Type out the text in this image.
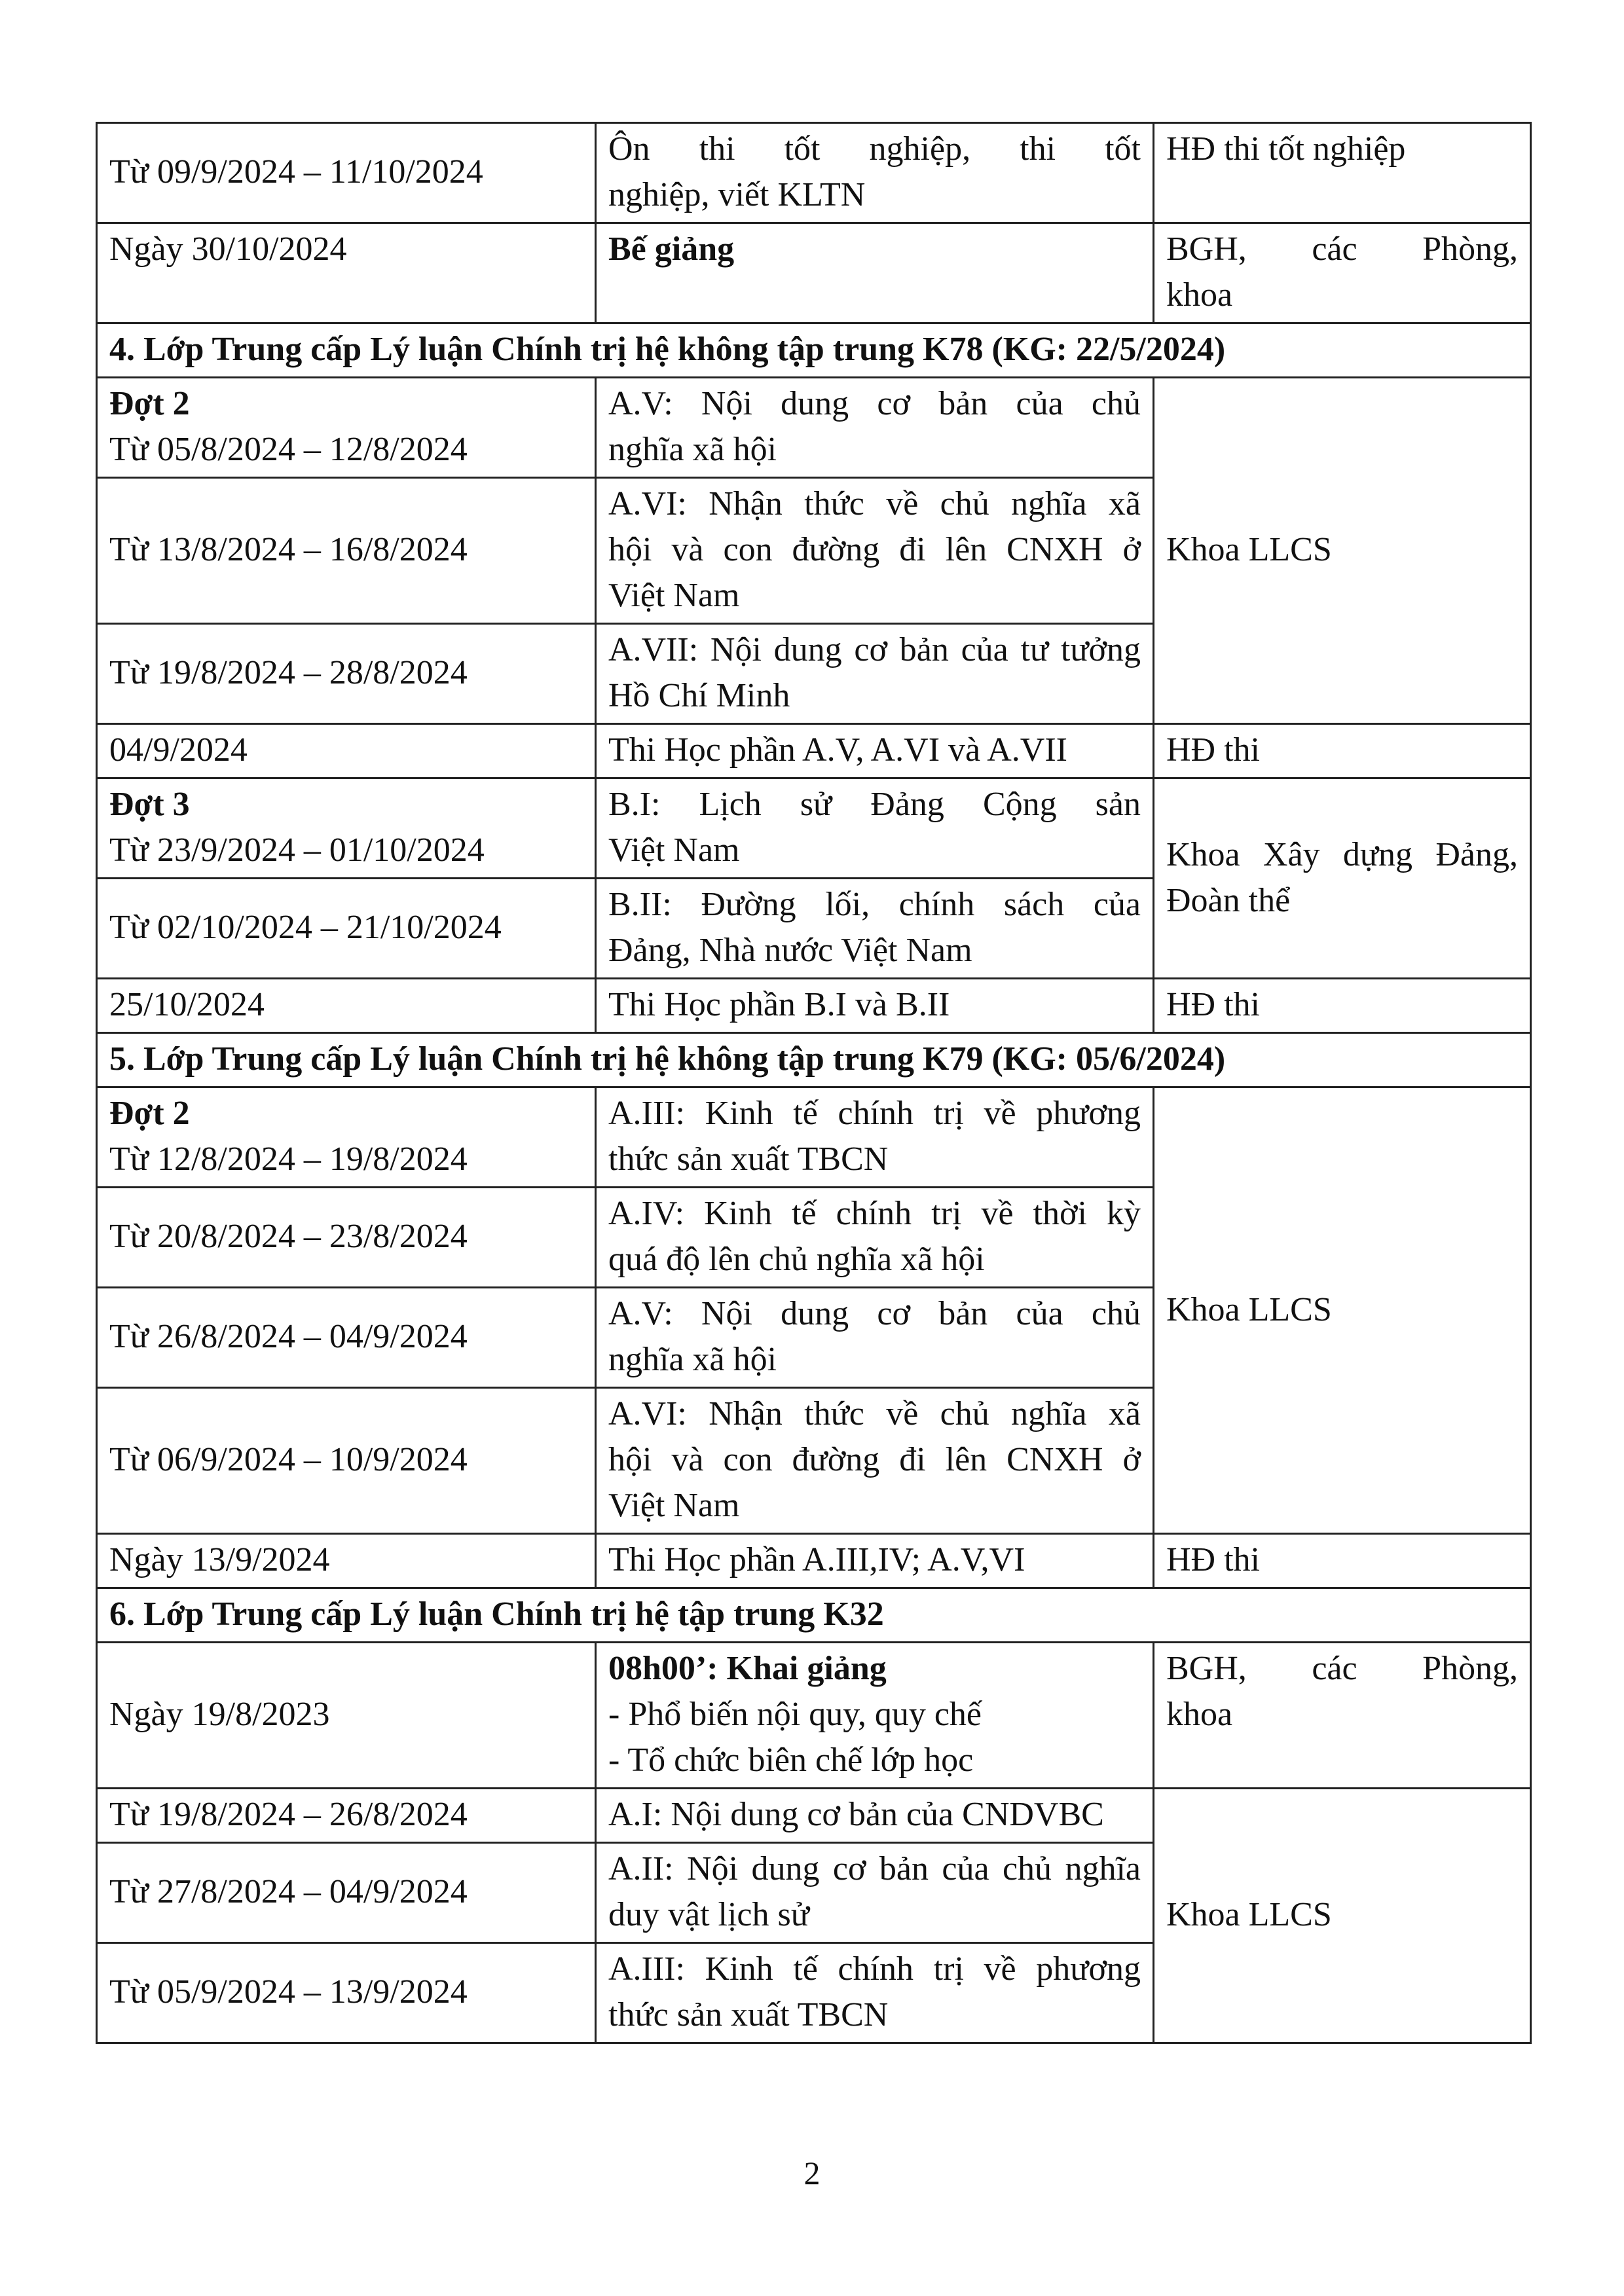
Từ 09/9/2024 – 11/10/2024	Ôn thi tốt nghiệp, thi tốt
nghiệp, viết KLTN	HĐ thi tốt nghiệp

Ngày 30/10/2024	Bế giảng	BGH, các Phòng,
khoa

4. Lớp Trung cấp Lý luận Chính trị hệ không tập trung K78 (KG: 22/5/2024)		

Đợt 2
Từ 05/8/2024 – 12/8/2024	A.V: Nội dung cơ bản của chủ
nghĩa xã hội	Khoa LLCS

Từ 13/8/2024 – 16/8/2024	A.VI: Nhận thức về chủ nghĩa xã
hội và con đường đi lên CNXH ở
Việt Nam	

Từ 19/8/2024 – 28/8/2024	A.VII: Nội dung cơ bản của tư tưởng
Hồ Chí Minh	

04/9/2024	Thi Học phần A.V, A.VI và A.VII	HĐ thi

Đợt 3
Từ 23/9/2024 – 01/10/2024	B.I: Lịch sử Đảng Cộng sản
Việt Nam	Khoa Xây dựng Đảng,
Đoàn thể

Từ 02/10/2024 – 21/10/2024	B.II: Đường lối, chính sách của
Đảng, Nhà nước Việt Nam	

25/10/2024	Thi Học phần B.I và B.II	HĐ thi

5. Lớp Trung cấp Lý luận Chính trị hệ không tập trung K79 (KG: 05/6/2024)		

Đợt 2
Từ 12/8/2024 – 19/8/2024	A.III: Kinh tế chính trị về phương
thức sản xuất TBCN	Khoa LLCS

Từ 20/8/2024 – 23/8/2024	A.IV: Kinh tế chính trị về thời kỳ
quá độ lên chủ nghĩa xã hội	

Từ 26/8/2024 – 04/9/2024	A.V: Nội dung cơ bản của chủ
nghĩa xã hội	

Từ 06/9/2024 – 10/9/2024	A.VI: Nhận thức về chủ nghĩa xã
hội và con đường đi lên CNXH ở
Việt Nam	

Ngày 13/9/2024	Thi Học phần A.III,IV; A.V,VI	HĐ thi

6. Lớp Trung cấp Lý luận Chính trị hệ tập trung K32		

Ngày 19/8/2023	08h00’: Khai giảng
- Phổ biến nội quy, quy chế
- Tổ chức biên chế lớp học	BGH, các Phòng,
khoa

Từ 19/8/2024 – 26/8/2024	A.I: Nội dung cơ bản của CNDVBC	Khoa LLCS

Từ 27/8/2024 – 04/9/2024	A.II: Nội dung cơ bản của chủ nghĩa
duy vật lịch sử	

Từ 05/9/2024 – 13/9/2024	A.III: Kinh tế chính trị về phương
thức sản xuất TBCN	
2
